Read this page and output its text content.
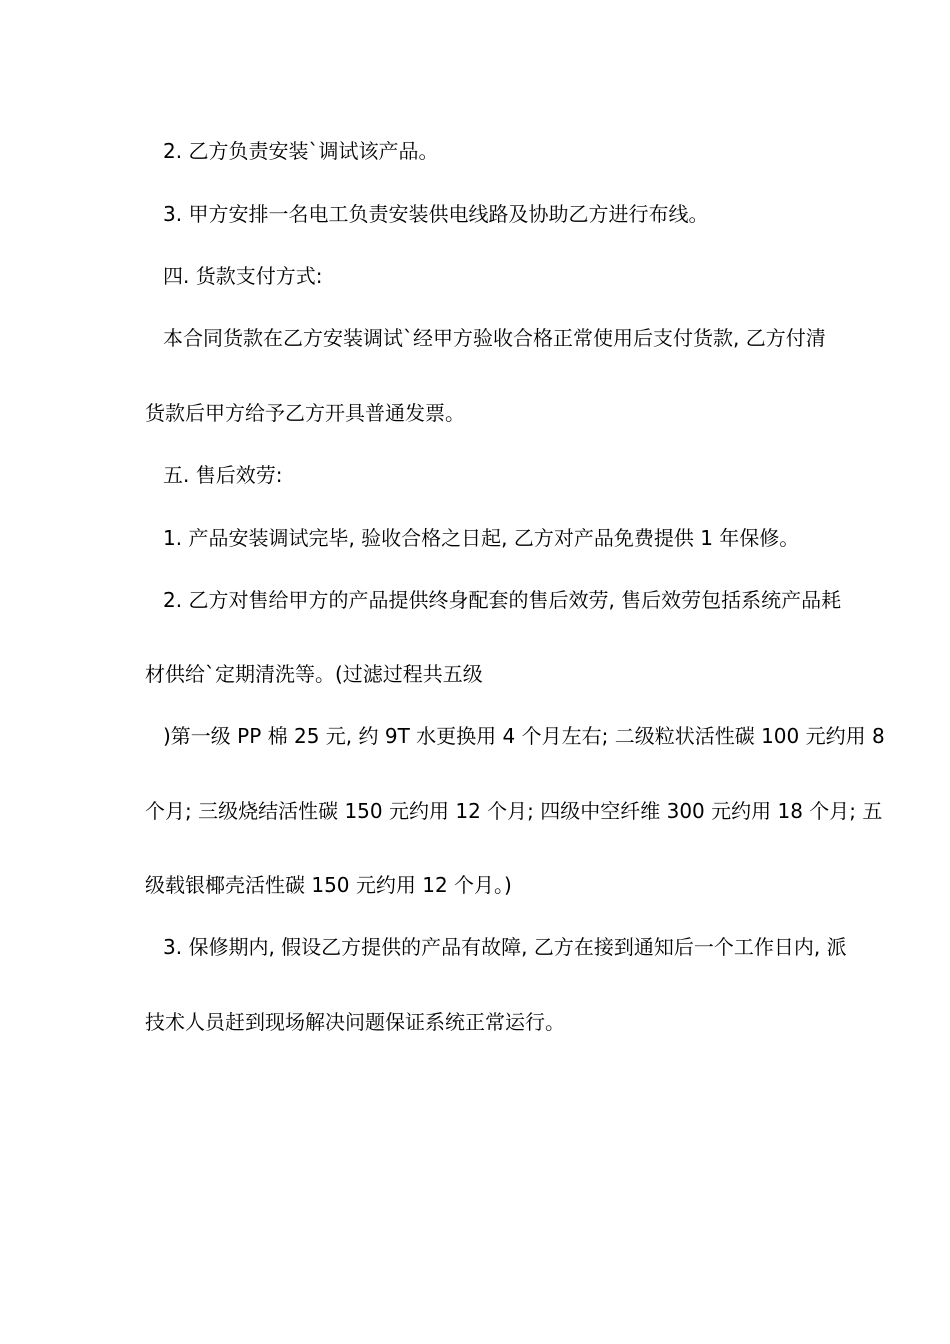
2. 乙方负责安装`调试该产品。
3. 甲方安排一名电工负责安装供电线路及协助乙方进行布线。
四. 货款支付方式:
本合同货款在乙方安装调试`经甲方验收合格正常使用后支付货款, 乙方付清
货款后甲方给予乙方开具普通发票。
五. 售后效劳:
1. 产品安装调试完毕, 验收合格之日起, 乙方对产品免费提供 1 年保修。
2. 乙方对售给甲方的产品提供终身配套的售后效劳, 售后效劳包括系统产品耗
材供给`定期清洗等。(过滤过程共五级
)第一级 PP 棉 25 元, 约 9T 水更换用 4 个月左右; 二级粒状活性碳 100 元约用 8
个月; 三级烧结活性碳 150 元约用 12 个月; 四级中空纤维 300 元约用 18 个月; 五
级载银椰壳活性碳 150 元约用 12 个月。)
3. 保修期内, 假设乙方提供的产品有故障, 乙方在接到通知后一个工作日内, 派
技术人员赶到现场解决问题保证系统正常运行。
